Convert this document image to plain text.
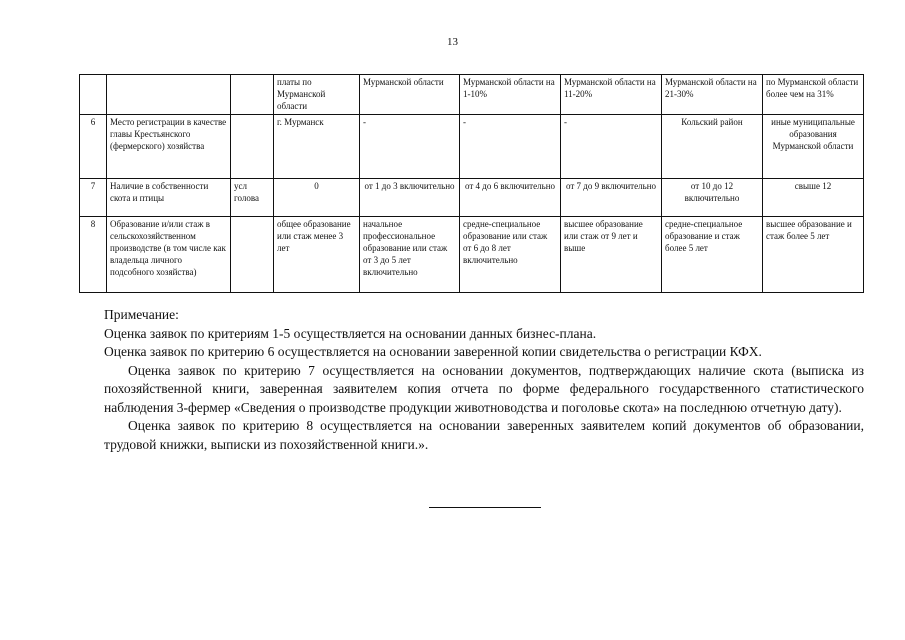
13
			платы по Мурманской области	Мурманской области	Мурманской области на 1-10%	Мурманской области на 11-20%	Мурманской области на 21-30%	по Мурманской области более чем на 31%
6	Место регистрации в качестве главы Крестьянского (фермерского) хозяйства		г. Мурманск	-	-	-	Кольский район	иные муниципальные образования Мурманской области
7	Наличие в собственности скота и птицы	усл голова	0	от 1 до 3 включительно	от 4 до 6 включительно	от 7 до 9 включительно	от 10 до 12 включительно	свыше 12
8	Образование и/или стаж в сельскохозяйственном производстве (в том числе как владельца личного подсобного хозяйства)		общее образование или стаж менее 3 лет	начальное профессиональное образование или стаж от 3 до 5 лет включительно	средне-специальное образование или стаж от 6 до 8 лет включительно	высшее образование или стаж от 9 лет и выше	средне-специальное образование и стаж более 5 лет	высшее образование и стаж более 5 лет

Примечание:

Оценка заявок по критериям 1-5 осуществляется на основании данных бизнес-плана.

Оценка заявок по критерию 6 осуществляется на основании заверенной копии свидетельства о регистрации КФХ.

Оценка заявок по критерию 7 осуществляется на основании документов, подтверждающих наличие скота (выписка из похозяйственной книги, заверенная заявителем копия отчета по форме федерального государственного статистического наблюдения 3-фермер «Сведения о производстве продукции животноводства и поголовье скота» на последнюю отчетную дату).

Оценка заявок по критерию 8 осуществляется на основании заверенных заявителем копий документов об образовании, трудовой книжки, выписки из похозяйственной книги.».
